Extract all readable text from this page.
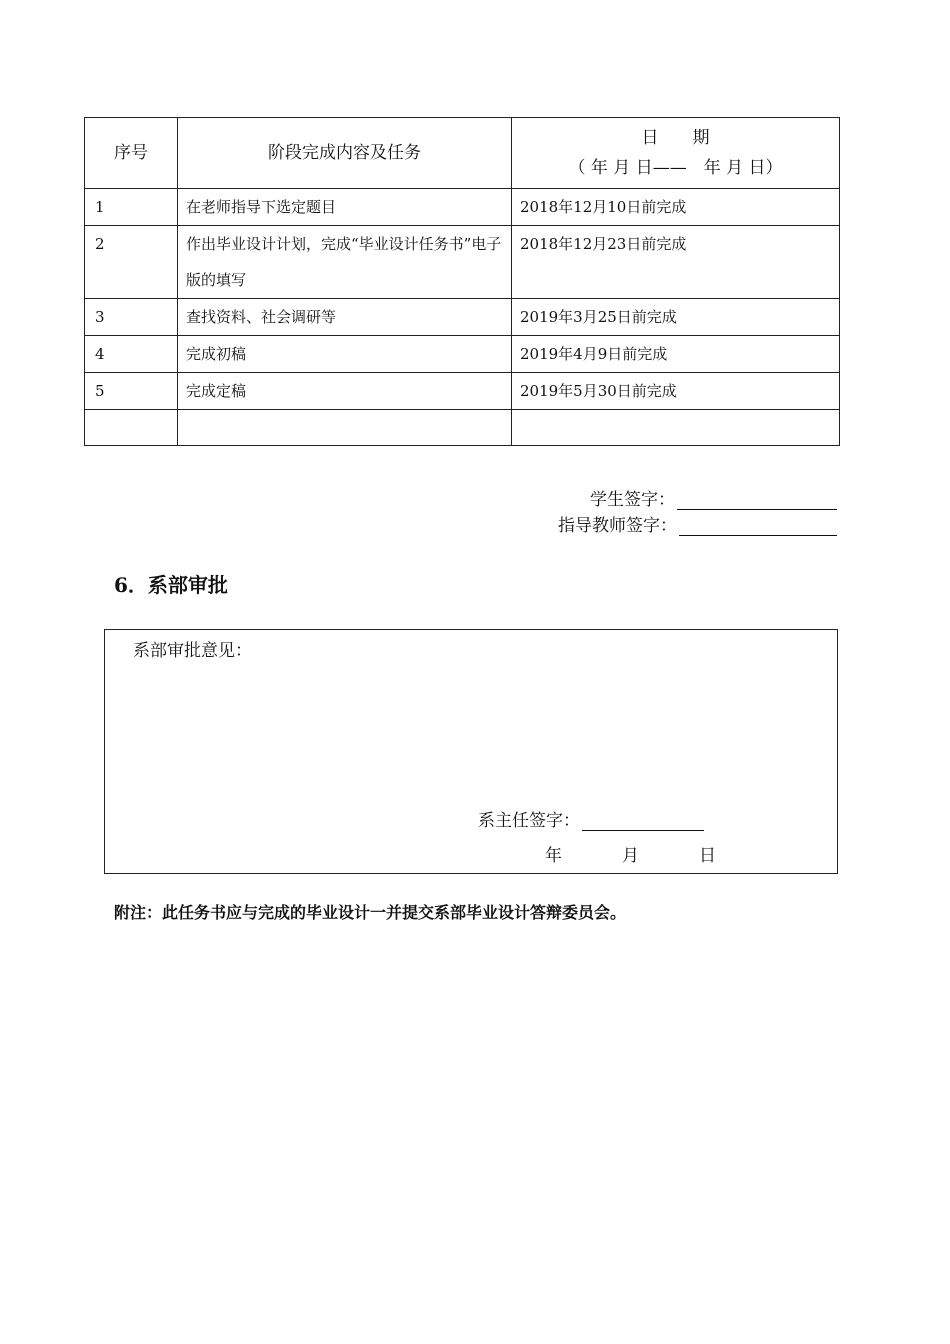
序号	阶段完成内容及任务	日　　期
（ 年 月 日——　年 月 日）

1	在老师指导下选定题目	2018年12月10日前完成
2	作出毕业设计计划，完成“毕业设计任务书”电子版的填写	2018年12月23日前完成
3	查找资料、社会调研等	2019年3月25日前完成
4	完成初稿	2019年4月9日前完成
5	完成定稿	2019年5月30日前完成

学生签字：
指导教师签字：
6．系部审批
系部审批意见：
系主任签字：
年	月	日
附注：此任务书应与完成的毕业设计一并提交系部毕业设计答辩委员会。
